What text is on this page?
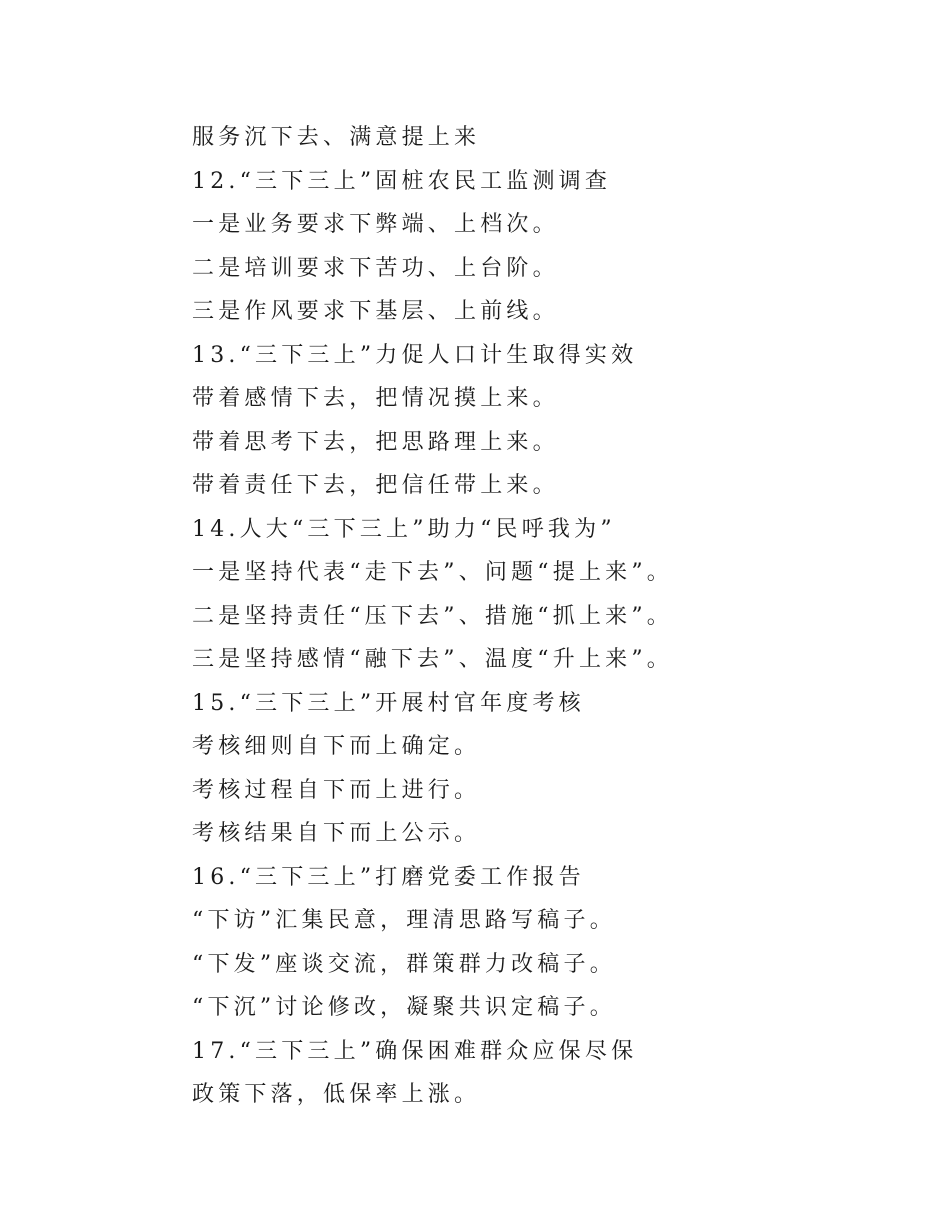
服务沉下去、满意提上来
12.“三下三上”固桩农民工监测调查
一是业务要求下弊端、上档次。
二是培训要求下苦功、上台阶。
三是作风要求下基层、上前线。
13.“三下三上”力促人口计生取得实效
带着感情下去，把情况摸上来。
带着思考下去，把思路理上来。
带着责任下去，把信任带上来。
14.人大“三下三上”助力“民呼我为”
一是坚持代表“走下去”、问题“提上来”。
二是坚持责任“压下去”、措施“抓上来”。
三是坚持感情“融下去”、温度“升上来”。
15.“三下三上”开展村官年度考核
考核细则自下而上确定。
考核过程自下而上进行。
考核结果自下而上公示。
16.“三下三上”打磨党委工作报告
“下访”汇集民意，理清思路写稿子。
“下发”座谈交流，群策群力改稿子。
“下沉”讨论修改，凝聚共识定稿子。
17.“三下三上”确保困难群众应保尽保
政策下落，低保率上涨。
